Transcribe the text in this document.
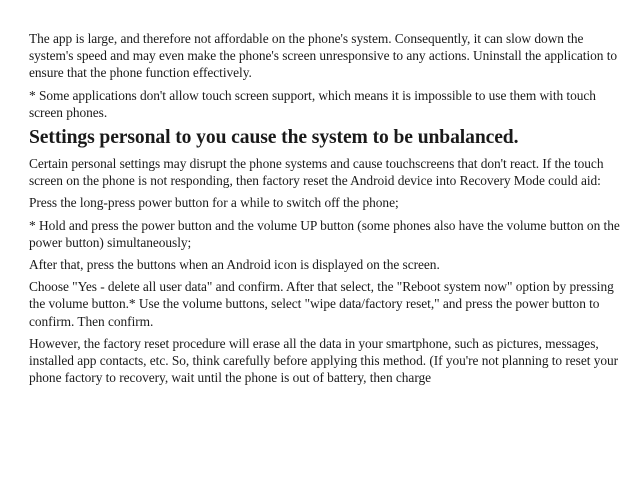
The app is large, and therefore not affordable on the phone's system. Consequently, it can slow down the system's speed and may even make the phone's screen unresponsive to any actions. Uninstall the application to ensure that the phone function effectively.

* Some applications don't allow touch screen support, which means it is impossible to use them with touch screen phones.

Settings personal to you cause the system to be unbalanced.

Certain personal settings may disrupt the phone systems and cause touchscreens that don't react. If the touch screen on the phone is not responding, then factory reset the Android device into Recovery Mode could aid:

Press the long-press power button for a while to switch off the phone;

* Hold and press the power button and the volume UP button (some phones also have the volume button on the power button) simultaneously;

After that, press the buttons when an Android icon is displayed on the screen.

Choose "Yes - delete all user data" and confirm. After that select, the "Reboot system now" option by pressing the volume button.* Use the volume buttons, select "wipe data/factory reset," and press the power button to confirm. Then confirm.

However, the factory reset procedure will erase all the data in your smartphone, such as pictures, messages, installed app contacts, etc. So, think carefully before applying this method. (If you're not planning to reset your phone factory to recovery, wait until the phone is out of battery, then charge
